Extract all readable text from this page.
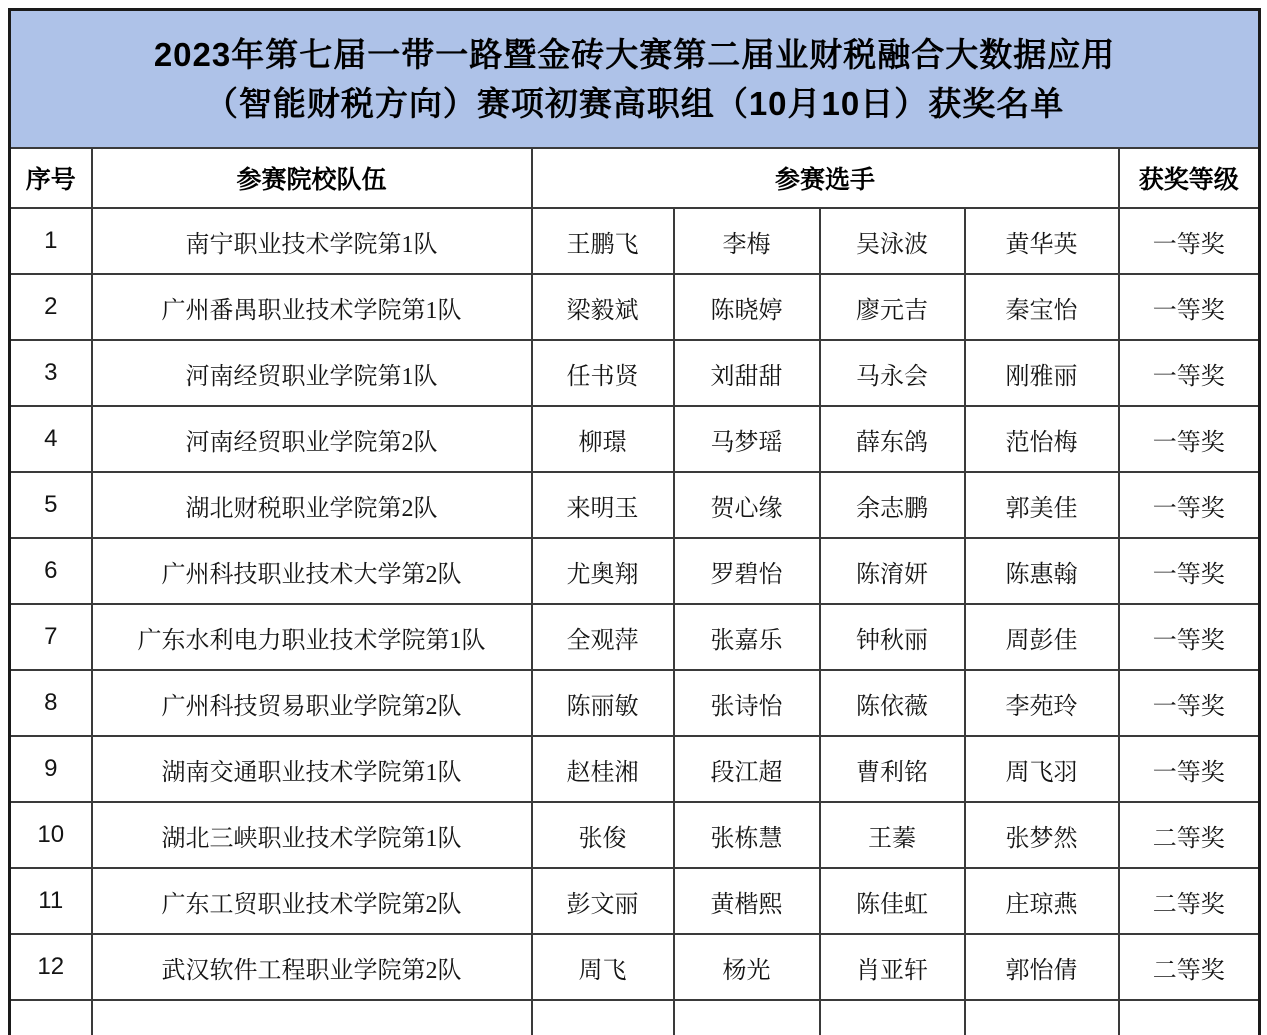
2023年第七届一带一路暨金砖大赛第二届业财税融合大数据应用
（智能财税方向）赛项初赛高职组（10月10日）获奖名单						

序号	参赛院校队伍	参赛选手				获奖等级
1	南宁职业技术学院第1队	王鹏飞	李梅	吴泳波	黄华英	一等奖
2	广州番禺职业技术学院第1队	梁毅斌	陈晓婷	廖元吉	秦宝怡	一等奖
3	河南经贸职业学院第1队	任书贤	刘甜甜	马永会	刚雅丽	一等奖
4	河南经贸职业学院第2队	柳璟	马梦瑶	薛东鸽	范怡梅	一等奖
5	湖北财税职业学院第2队	来明玉	贺心缘	余志鹏	郭美佳	一等奖
6	广州科技职业技术大学第2队	尤奥翔	罗碧怡	陈淯妍	陈惠翰	一等奖
7	广东水利电力职业技术学院第1队	全观萍	张嘉乐	钟秋丽	周彭佳	一等奖
8	广州科技贸易职业学院第2队	陈丽敏	张诗怡	陈依薇	李苑玲	一等奖
9	湖南交通职业技术学院第1队	赵桂湘	段江超	曹利铭	周飞羽	一等奖
10	湖北三峡职业技术学院第1队	张俊	张栋慧	王蓁	张梦然	二等奖
11	广东工贸职业技术学院第2队	彭文丽	黄楷熙	陈佳虹	庄琼燕	二等奖
12	武汉软件工程职业学院第2队	周飞	杨光	肖亚轩	郭怡倩	二等奖
